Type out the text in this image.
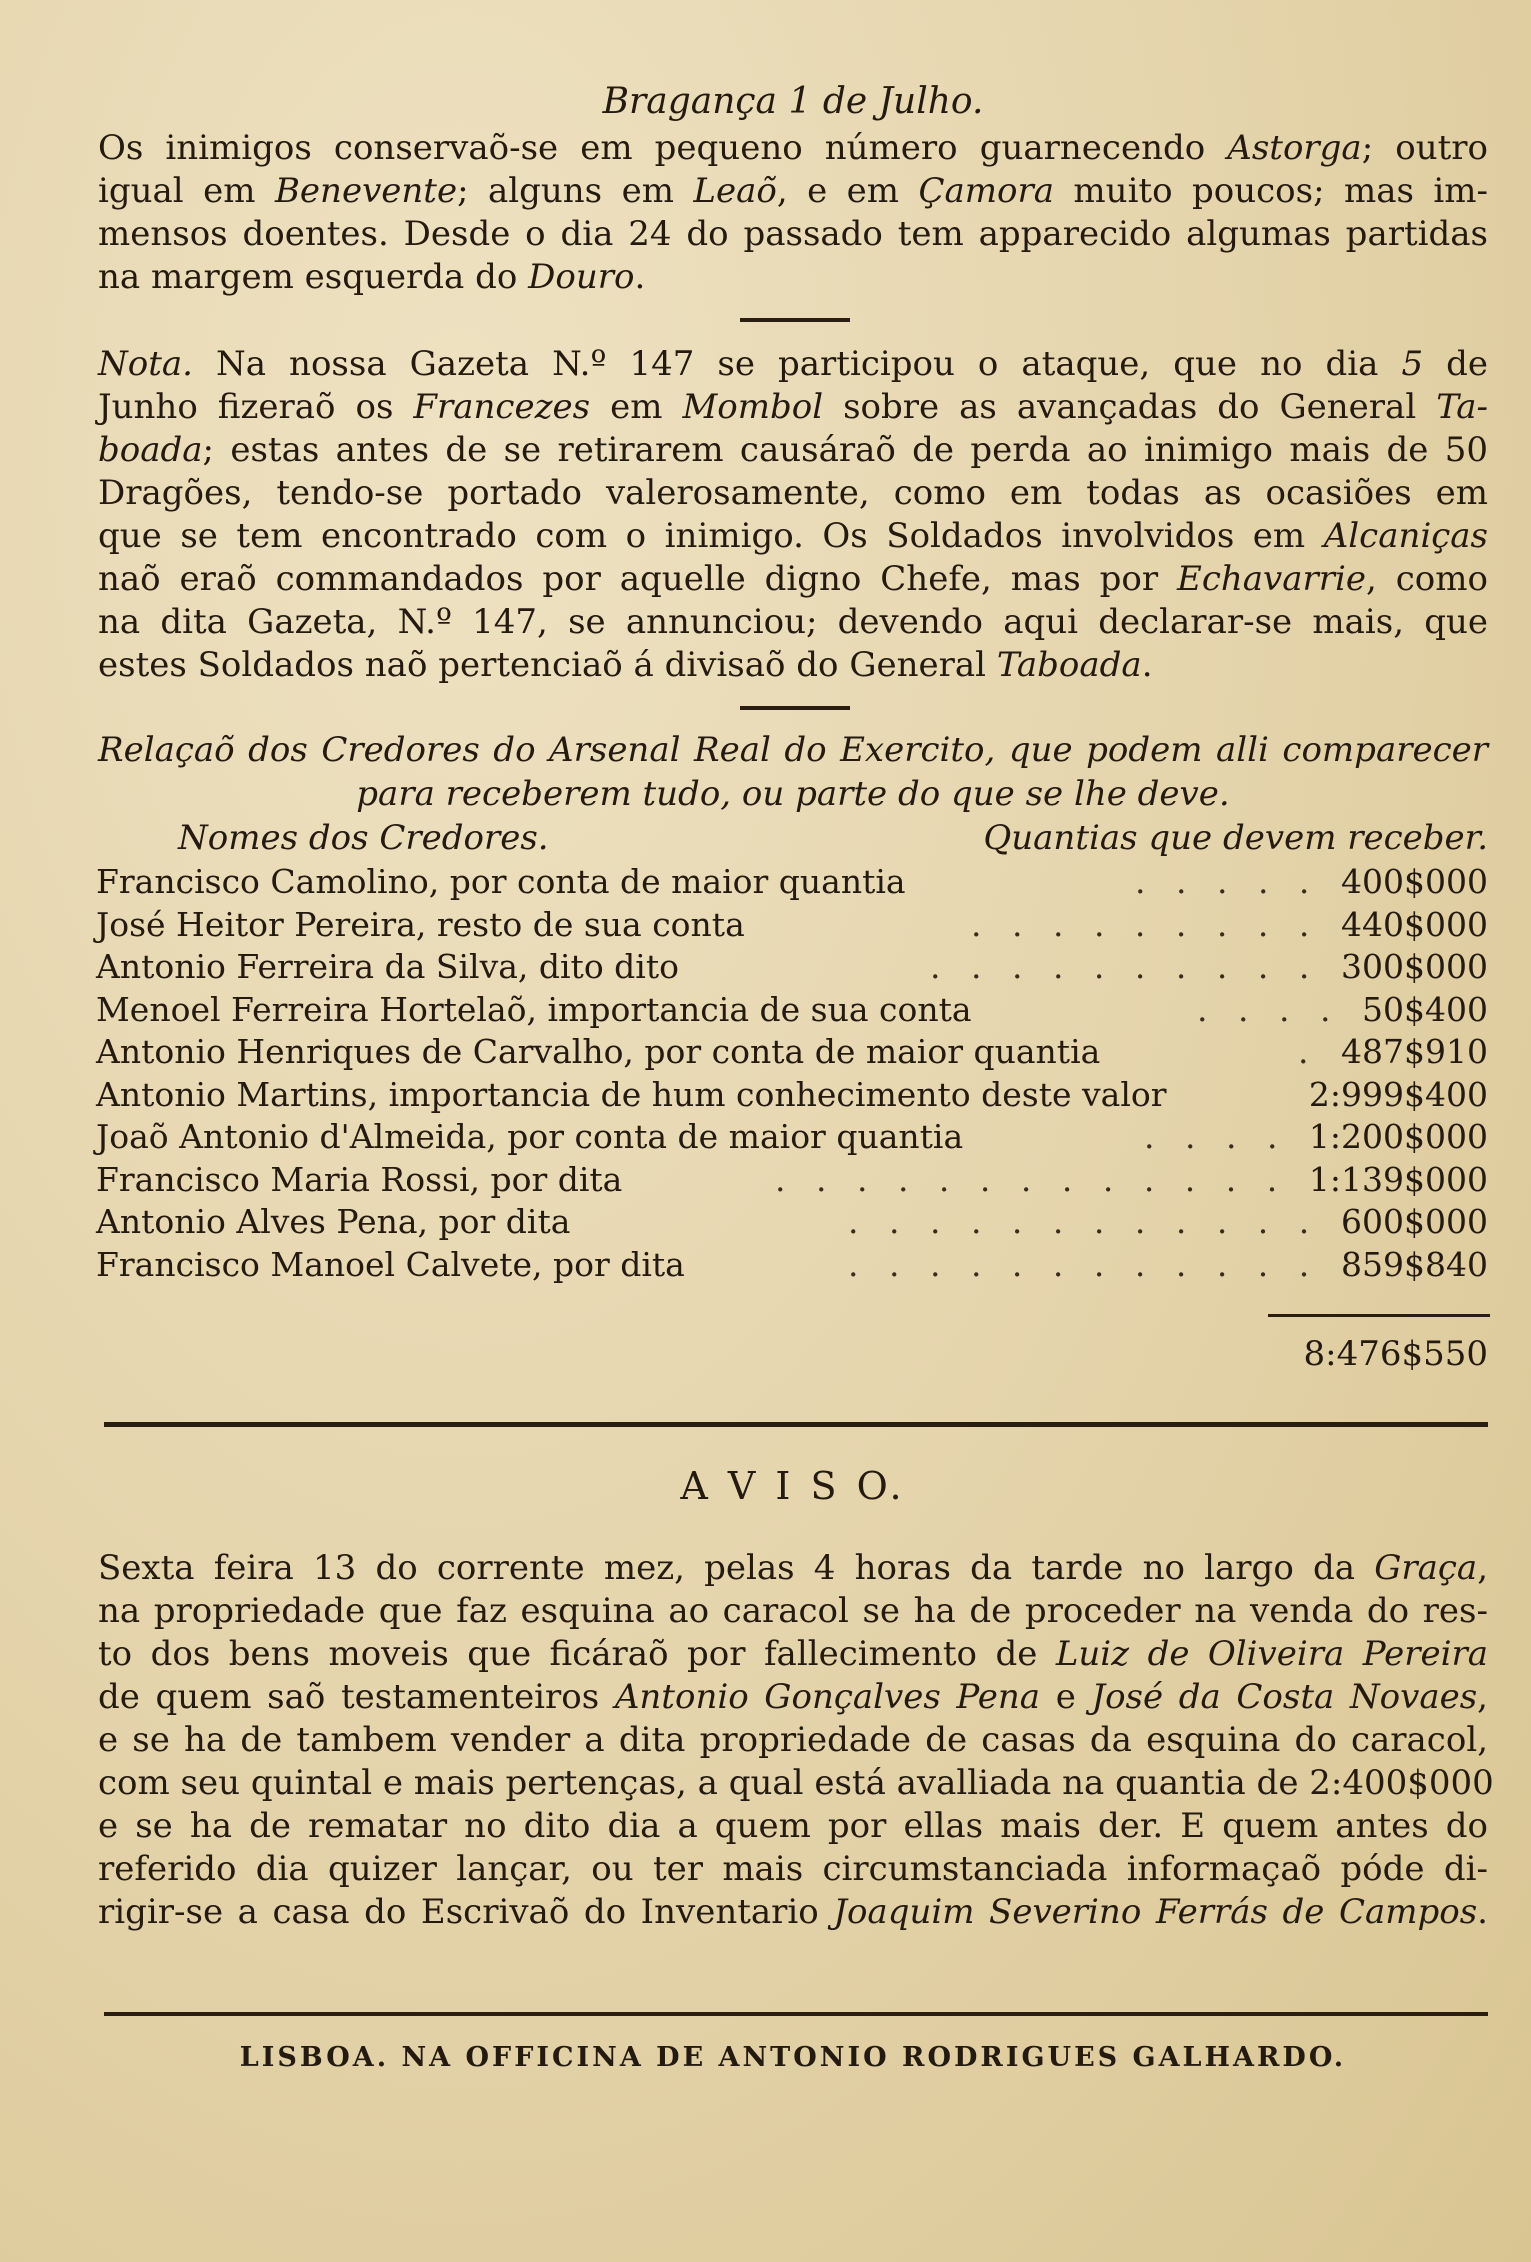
Bragança 1 de Julho.
Os inimigos conservaõ-se em pequeno número guarnecendo Astorga; outro
igual em Benevente; alguns em Leaõ, e em Çamora muito poucos; mas im-
mensos doentes. Desde o dia 24 do passado tem apparecido algumas partidas
na margem esquerda do Douro.
Nota. Na nossa Gazeta N.º 147 se participou o ataque, que no dia 5 de
Junho fizeraõ os Francezes em Mombol sobre as avançadas do General Ta-
boada; estas antes de se retirarem causáraõ de perda ao inimigo mais de 50
Dragões, tendo-se portado valerosamente, como em todas as ocasiões em
que se tem encontrado com o inimigo. Os Soldados involvidos em Alcaniças
naõ eraõ commandados por aquelle digno Chefe, mas por Echavarrie, como
na dita Gazeta, N.º 147, se annunciou; devendo aqui declarar-se mais, que
estes Soldados naõ pertenciaõ á divisaõ do General Taboada.
Relaçaõ dos Credores do Arsenal Real do Exercito, que podem alli comparecer
para receberem tudo, ou parte do que se lhe deve.
Nomes dos Credores.	Quantias que devem receber.
Francisco Camolino, por conta de maior quantia	400$000
. . . . .
José Heitor Pereira, resto de sua conta	440$000
. . . . . . . . .
Antonio Ferreira da Silva, dito dito	300$000
. . . . . . . . . .
Menoel Ferreira Hortelaõ, importancia de sua conta	50$400
. . . .
Antonio Henriques de Carvalho, por conta de maior quantia	487$910
.
Antonio Martins, importancia de hum conhecimento deste valor	2:999$400
Joaõ Antonio d'Almeida, por conta de maior quantia	1:200$000
. . . .
Francisco Maria Rossi, por dita	1:139$000
. . . . . . . . . . . . .
Antonio Alves Pena, por dita	600$000
. . . . . . . . . . . .
Francisco Manoel Calvete, por dita	859$840
. . . . . . . . . . . .
8:476$550
A V I S O.
Sexta feira 13 do corrente mez, pelas 4 horas da tarde no largo da Graça,
na propriedade que faz esquina ao caracol se ha de proceder na venda do res-
to dos bens moveis que ficáraõ por fallecimento de Luiz de Oliveira Pereira
de quem saõ testamenteiros Antonio Gonçalves Pena e José da Costa Novaes,
e se ha de tambem vender a dita propriedade de casas da esquina do caracol,
com seu quintal e mais pertenças, a qual está avalliada na quantia de 2:400$000
e se ha de rematar no dito dia a quem por ellas mais der. E quem antes do
referido dia quizer lançar, ou ter mais circumstanciada informaçaõ póde di-
rigir-se a casa do Escrivaõ do Inventario Joaquim Severino Ferrás de Campos.
LISBOA. NA OFFICINA DE ANTONIO RODRIGUES GALHARDO.
